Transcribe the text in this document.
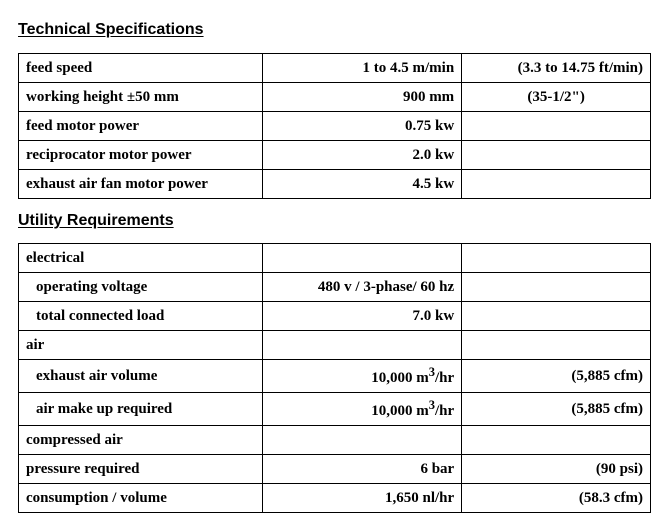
Technical Specifications
feed speed	1 to 4.5 m/min	(3.3 to 14.75 ft/min)
working height ±50 mm	900 mm	(35-1/2")
feed motor power	0.75 kw	
reciprocator motor power	2.0 kw	
exhaust air fan motor power	4.5 kw	
Utility Requirements
electrical		
operating voltage	480 v / 3-phase/ 60 hz	
total connected load	7.0 kw	
air		
exhaust air volume	10,000 $m^3/hr$	(5,885 cfm)
air make up required	10,000 $m^3/hr$	(5,885 cfm)
compressed air		
pressure required	6 bar	(90 psi)
consumption / volume	1,650 nl/hr	(58.3 cfm)
